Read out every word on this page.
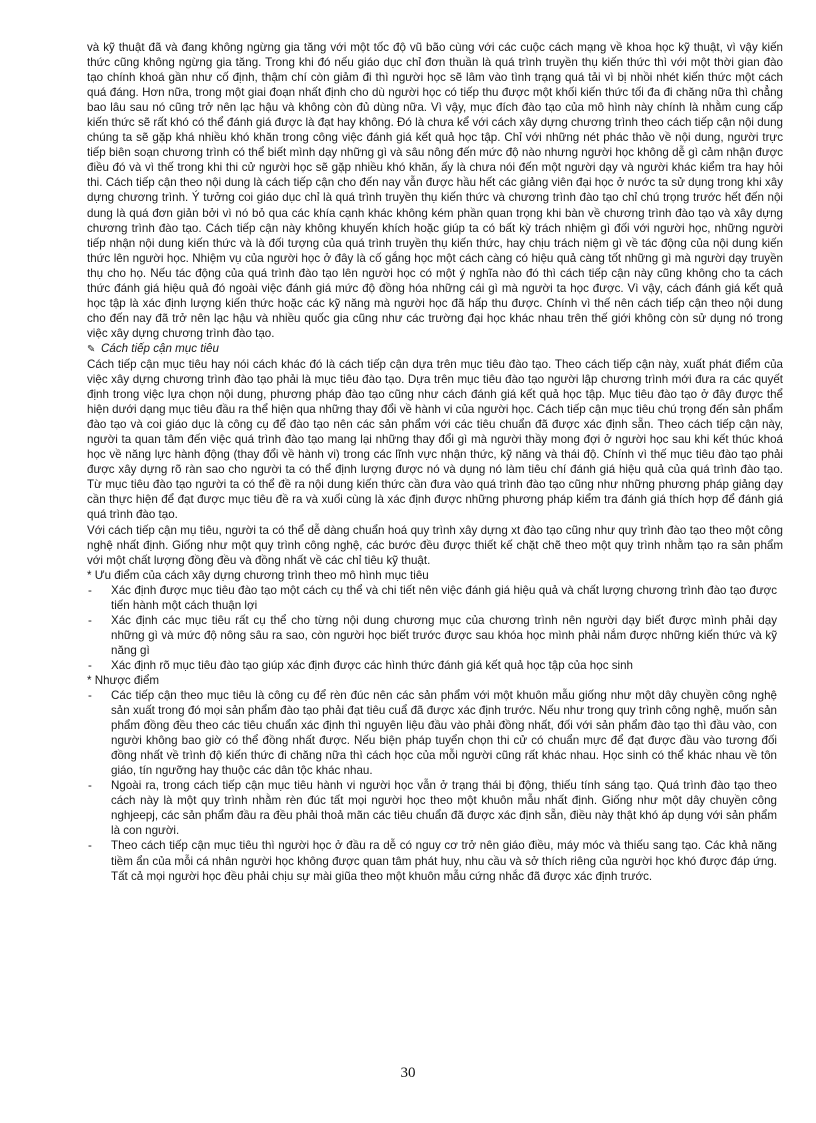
và kỹ thuật đã và đang không ngừng gia tăng với một tốc độ vũ bão cùng với các cuộc cách mạng về khoa học kỹ thuật, vì vậy kiến thức cũng không ngừng gia tăng. Trong khi đó nếu giáo dục chỉ đơn thuần là quá trình truyền thụ kiến thức thì với một thời gian đào tạo chính khoá gần như cố định, thậm chí còn giảm đi thì người học sẽ lâm vào tình trạng quá tải vì bị nhồi nhét kiến thức một cách quá đáng. Hơn nữa, trong một giai đoạn nhất định cho dù người học có tiếp thu được một khối kiến thức tối đa đi chăng nữa thì chẳng bao lâu sau nó cũng trở nên lạc hậu và không còn đủ dùng nữa. Vì vậy, mục đích đào tạo của mô hình này chính là nhằm cung cấp kiến thức sẽ rất khó có thể đánh giá được là đạt hay không. Đó là chưa kể với cách xây dựng chương trình theo cách tiếp cận nội dung chúng ta sẽ gặp khá nhiều khó khăn trong công việc đánh giá kết quả học tập. Chỉ với những nét phác thảo về nội dung, người trực tiếp biên soạn chương trình có thể biết mình dạy những gì và sâu nông đến mức độ nào nhưng người học không dễ gì cảm nhận được điều đó và vì thế trong khi thi cử người học sẽ gặp nhiều khó khăn, ấy là chưa nói đến một người dạy và người khác kiểm tra hay hỏi thi. Cách tiếp cận theo nội dung là cách tiếp cận cho đến nay vẫn được hầu hết các giảng viên đại học ở nước ta sử dụng trong khi xây dựng chương trình. Ý tưởng coi giáo dục chỉ là quá trình truyền thụ kiến thức và chương trình đào tạo chỉ chú trọng trước hết đến nội dung là quá đơn giản bởi vì nó bỏ qua các khía cạnh khác không kém phần quan trọng khi bàn về chương trình đào tạo và xây dựng chương trình đào tạo. Cách tiếp cận này không khuyến khích hoặc giúp ta có bất kỳ trách nhiệm gì đối với người học, những người tiếp nhận nội dung kiến thức và là đối tượng của quá trình truyền thụ kiến thức, hay chịu trách niệm gì về tác động của nội dung kiến thức lên người học. Nhiệm vụ của người học ở đây là cố gắng học một cách càng có hiệu quả càng tốt những gì mà người dạy truyền thụ cho họ. Nếu tác động của quá trình đào tạo lên người học có một ý nghĩa nào đó thì cách tiếp cận này cũng không cho ta cách thức đánh giá hiệu quả đó ngoài việc đánh giá mức độ đồng hóa những cái gì mà người ta học được. Vì vậy, cách đánh giá kết quả học tập là xác định lượng kiến thức hoặc các kỹ năng mà người học đã hấp thu được. Chính vì thế nên cách tiếp cận theo nội dung cho đến nay đã trở nên lạc hậu và nhiều quốc gia cũng như các trường đại học khác nhau trên thế giới không còn sử dụng nó trong việc xây dựng chương trình đào tạo.

✎ Cách tiếp cận mục tiêu

Cách tiếp cận mục tiêu hay nói cách khác đó là cách tiếp cận dựa trên mục tiêu đào tạo. Theo cách tiếp cận này, xuất phát điểm của việc xây dựng chương trình đào tạo phải là mục tiêu đào tạo. Dựa trên mục tiêu đào tạo người lập chương trình mới đưa ra các quyết định trong việc lựa chọn nội dung, phương pháp đào tạo cũng như cách đánh giá kết quả học tập. Mục tiêu đào tạo ở đây được thể hiện dưới dạng mục tiêu đầu ra thể hiện qua những thay đổi về hành vi của người học. Cách tiếp cận mục tiêu chú trọng đến sản phẩm đào tạo và coi giáo dục là công cụ để đào tạo nên các sản phẩm với các tiêu chuẩn đã được xác định sẵn. Theo cách tiếp cận này, người ta quan tâm đến việc quá trình đào tạo mang lại những thay đổi gì mà người thầy mong đợi ở người học sau khi kết thúc khoá học về năng lực hành động (thay đổi về hành vi) trong các lĩnh vực nhận thức, kỹ năng và thái độ. Chính vì thế mục tiêu đào tạo phải được xây dựng rõ ràn sao cho người ta có thể định lượng được nó và dụng nó làm tiêu chí đánh giá hiệu quả của quá trình đào tạo. Từ mục tiêu đào tạo người ta có thể đề ra nội dung kiến thức cần đưa vào quá trình đào tạo cũng như những phương pháp giảng dạy cần thực hiện để đạt được mục tiêu đề ra và xuối cùng là xác định được những phương pháp kiểm tra đánh giá thích hợp để đánh giá quá trình đào tạo.

Với cách tiếp cận mụ tiêu, người ta có thể dễ dàng chuẩn hoá quy trình xây dựng xt đào tạo cũng như quy trình đào tạo theo một công nghệ nhất định. Giống như một quy trình công nghệ, các bước đều được thiết kế chặt chẽ theo một quy trình nhằm tạo ra sản phẩm với một chất lượng đồng đều và đồng nhất về các chỉ tiêu kỹ thuật.

* Ưu điểm của cách xây dựng chương trình theo mô hình mục tiêu

- Xác định được mục tiêu đào tạo một cách cụ thể và chi tiết nên việc đánh giá hiệu quả và chất lượng chương trình đào tạo được tiến hành một cách thuận lợi
- Xác định các mục tiêu rất cụ thể cho từng nội dung chương mục của chương trình nên người dạy biết được mình phải dạy những gì và mức độ nông sâu ra sao, còn người học biết trước được sau khóa học mình phải nắm được những kiến thức và kỹ năng gì
- Xác định rõ mục tiêu đào tạo giúp xác định được các hình thức đánh giá kết quả học tập của học sinh

* Nhược điểm

- Các tiếp cận theo mục tiêu là công cụ để rèn đúc nên các sản phẩm với một khuôn mẫu giống như một dây chuyền công nghệ sản xuất trong đó mọi sản phẩm đào tạo phải đạt tiêu cuẩ đã được xác định trước. Nếu như trong quy trình công nghệ, muốn sản phẩm đồng đều theo các tiêu chuẩn xác định thì nguyên liệu đầu vào phải đồng nhất, đối với sản phẩm đào tạo thì đầu vào, con người không bao giờ có thể đồng nhất được. Nếu biện pháp tuyển chọn thi cử có chuẩn mực để đạt được đầu vào tương đối đồng nhất về trình độ kiến thức đi chăng nữa thì cách học của mỗi người cũng rất khác nhau. Học sinh có thể khác nhau về tôn giáo, tín ngưỡng hay thuộc các dân tộc khác nhau.
- Ngoài ra, trong cách tiếp cận mục tiêu hành vi người học vẫn ở trạng thái bị động, thiếu tính sáng tạo. Quá trình đào tạo theo cách này là một quy trình nhằm rèn đúc tất mọi người học theo một khuôn mẫu nhất định. Giống như một dây chuyền công nghjeepj, các sản phẩm đầu ra đều phải thoả mãn các tiêu chuẩn đã được xác định sẵn, điều này thật khó áp dụng với sản phẩm là con người.
- Theo cách tiếp cận mục tiêu thì người học ở đầu ra dễ có nguy cơ trở nên giáo điều, máy móc và thiếu sang tạo. Các khả năng tiềm ẩn của mỗi cá nhân người học không được quan tâm phát huy, nhu cầu và sở thích riêng của người học khó được đáp ứng. Tất cả mọi người học đều phải chịu sự mài giũa theo một khuôn mẫu cứng nhắc đã được xác định trước.
30
